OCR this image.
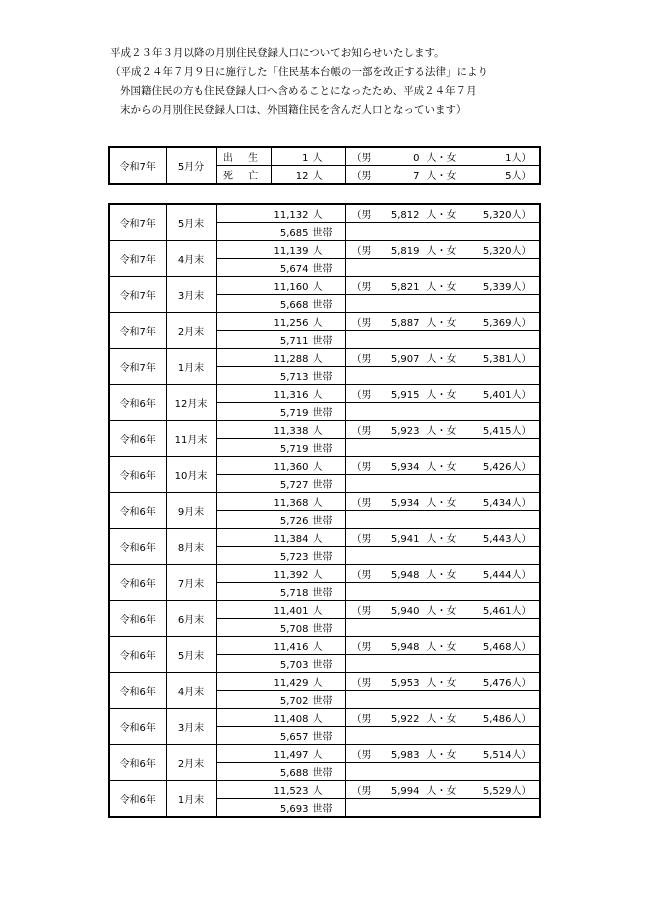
平成２３年３月以降の月別住民登録人口についてお知らせいたします。
（平成２４年７月９日に施行した「住民基本台帳の一部を改正する法律」により
外国籍住民の方も住民登録人口へ含めることになったため、平成２４年７月
末からの月別住民登録人口は、外国籍住民を含んだ人口となっています）
令和7年	5月分	出 生	1 人	（男 0 人・女 1人）
		死 亡	12 人	（男 7 人・女 5人）
令和7年	5月末	11,132 人	（男 5,812 人・女 5,320人）
		5,685 世帯	
令和7年	4月末	11,139 人	（男 5,819 人・女 5,320人）
		5,674 世帯	
令和7年	3月末	11,160 人	（男 5,821 人・女 5,339人）
		5,668 世帯	
令和7年	2月末	11,256 人	（男 5,887 人・女 5,369人）
		5,711 世帯	
令和7年	1月末	11,288 人	（男 5,907 人・女 5,381人）
		5,713 世帯	
令和6年	12月末	11,316 人	（男 5,915 人・女 5,401人）
		5,719 世帯	
令和6年	11月末	11,338 人	（男 5,923 人・女 5,415人）
		5,719 世帯	
令和6年	10月末	11,360 人	（男 5,934 人・女 5,426人）
		5,727 世帯	
令和6年	9月末	11,368 人	（男 5,934 人・女 5,434人）
		5,726 世帯	
令和6年	8月末	11,384 人	（男 5,941 人・女 5,443人）
		5,723 世帯	
令和6年	7月末	11,392 人	（男 5,948 人・女 5,444人）
		5,718 世帯	
令和6年	6月末	11,401 人	（男 5,940 人・女 5,461人）
		5,708 世帯	
令和6年	5月末	11,416 人	（男 5,948 人・女 5,468人）
		5,703 世帯	
令和6年	4月末	11,429 人	（男 5,953 人・女 5,476人）
		5,702 世帯	
令和6年	3月末	11,408 人	（男 5,922 人・女 5,486人）
		5,657 世帯	
令和6年	2月末	11,497 人	（男 5,983 人・女 5,514人）
		5,688 世帯	
令和6年	1月末	11,523 人	（男 5,994 人・女 5,529人）
		5,693 世帯	
